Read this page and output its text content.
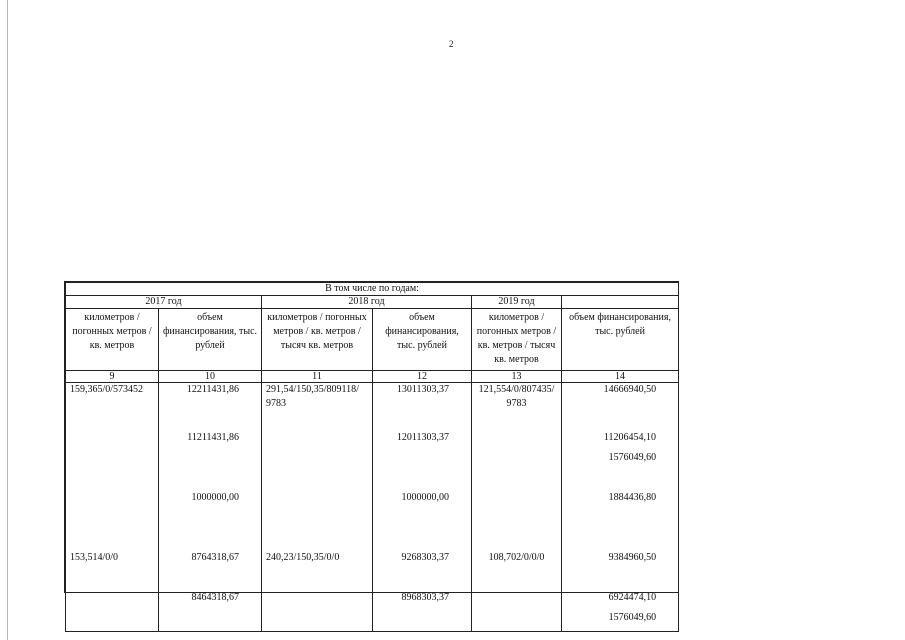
2
В том числе по годам:					
2017 год		2018 год		2019 год	
километров / погонных метров / кв. метров	объем финансирования, тыс. рублей	километров / погонных метров / кв. метров / тысяч кв. метров	объем финансирования, тыс. рублей	километров / погонных метров / кв. метров / тысяч кв. метров	объем финансирования, тыс. рублей
9	10	11	12	13	14
159,365/0/573452	12211431,86	291,54/150,35/809118/ 9783	13011303,37	121,554/0/807435/ 9783	14666940,50

	11211431,86		12011303,37		11206454,10
					1576049,60

	1000000,00		1000000,00		1884436,80

153,514/0/0	8764318,67	240,23/150,35/0/0	9268303,37	108,702/0/0/0	9384960,50

	8464318,67		8968303,37		6924474,10
					1576049,60
